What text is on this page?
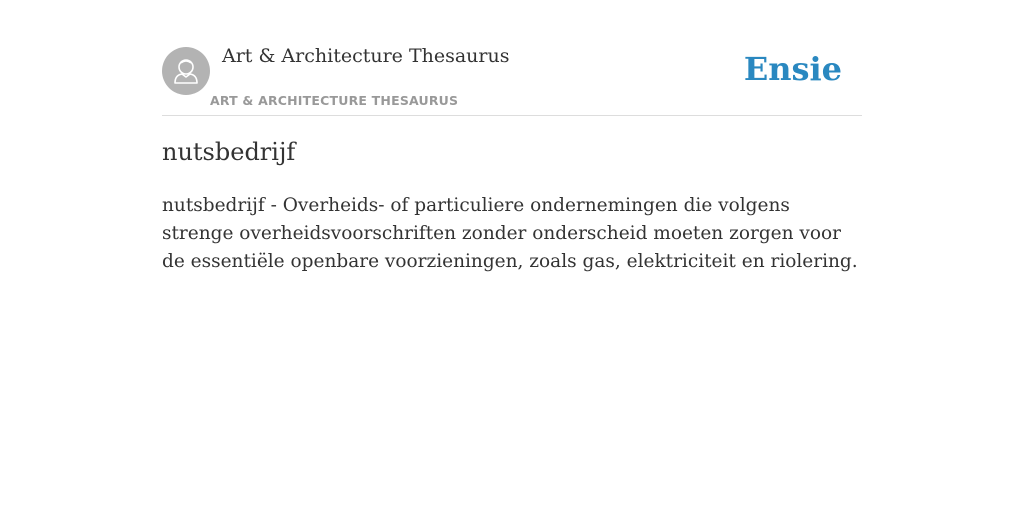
Art & Architecture Thesaurus
ART & ARCHITECTURE THESAURUS
Ensie
nutsbedrijf

nutsbedrijf - Overheids- of particuliere ondernemingen die volgens strenge overheidsvoorschriften zonder onderscheid moeten zorgen voor de essentiële openbare voorzieningen, zoals gas, elektriciteit en riolering.
